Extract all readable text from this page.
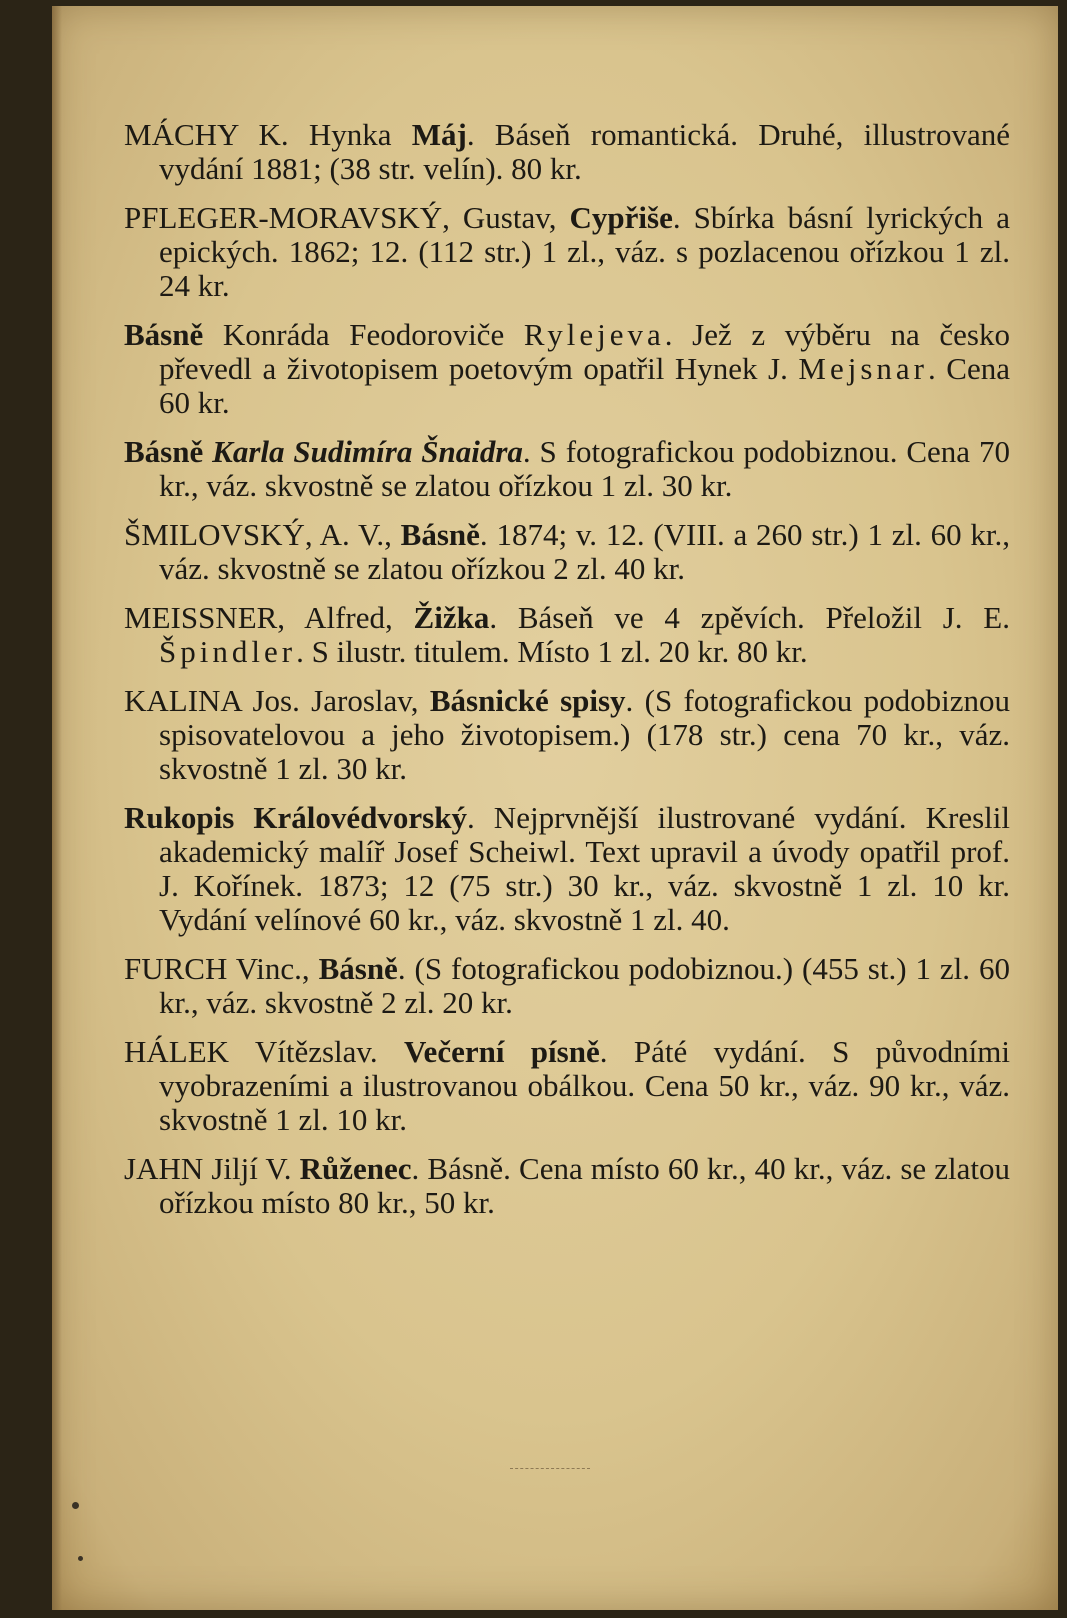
MÁCHY K. Hynka Máj. Báseň romantická. Druhé, illustrované vydání 1881; (38 str. velín). 80 kr.

PFLEGER-MORAVSKÝ, Gustav, Cypřiše. Sbírka básní lyrických a epických. 1862; 12. (112 str.) 1 zl., váz. s pozlacenou ořízkou 1 zl. 24 kr.

Básně Konráda Feodoroviče Rylejeva. Jež z výběru na česko převedl a životopisem poetovým opatřil Hynek J. Mejsnar. Cena 60 kr.

Básně Karla Sudimíra Šnaidra. S fotografickou podobiznou. Cena 70 kr., váz. skvostně se zlatou ořízkou 1 zl. 30 kr.

ŠMILOVSKÝ, A. V., Básně. 1874; v. 12. (VIII. a 260 str.) 1 zl. 60 kr., váz. skvostně se zlatou ořízkou 2 zl. 40 kr.

MEISSNER, Alfred, Žižka. Báseň ve 4 zpěvích. Přeložil J. E. Špindler. S ilustr. titulem. Místo 1 zl. 20 kr. 80 kr.

KALINA Jos. Jaroslav, Básnické spisy. (S fotografickou podobiznou spisovatelovou a jeho životopisem.) (178 str.) cena 70 kr., váz. skvostně 1 zl. 30 kr.

Rukopis Královédvorský. Nejprvnější ilustrované vydání. Kreslil akademický malíř Josef Scheiwl. Text upravil a úvody opatřil prof. J. Kořínek. 1873; 12 (75 str.) 30 kr., váz. skvostně 1 zl. 10 kr. Vydání velínové 60 kr., váz. skvostně 1 zl. 40.

FURCH Vinc., Básně. (S fotografickou podobiznou.) (455 st.) 1 zl. 60 kr., váz. skvostně 2 zl. 20 kr.

HÁLEK Vítězslav. Večerní písně. Páté vydání. S původními vyobrazeními a ilustrovanou obálkou. Cena 50 kr., váz. 90 kr., váz. skvostně 1 zl. 10 kr.

JAHN Jiljí V. Růženec. Básně. Cena místo 60 kr., 40 kr., váz. se zlatou ořízkou místo 80 kr., 50 kr.
